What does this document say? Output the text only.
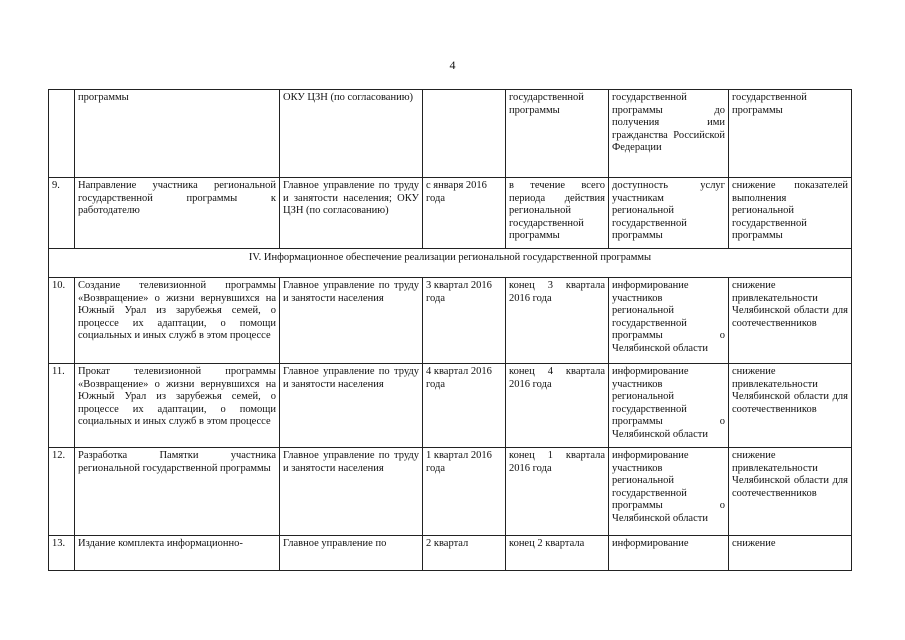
4
	программы	ОКУ ЦЗН (по согласованию)		государственной программы	государственной программы до получения ими гражданства Российской Федерации	государственной программы
9.	Направление участника региональной государственной программы к работодателю	Главное управление по труду и занятости населения; ОКУ ЦЗН (по согласованию)	с января 2016 года	в течение всего периода действия региональной государственной программы	доступность услуг участникам региональной государственной программы	снижение показателей выполнения региональной государственной программы
IV. Информационное обеспечение реализации региональной государственной программы						
10.	Создание телевизионной программы «Возвращение» о жизни вернувшихся на Южный Урал из зарубежья семей, о процессе их адаптации, о помощи социальных и иных служб в этом процессе	Главное управление по труду и занятости населения	3 квартал 2016 года	конец 3 квартала 2016 года	информирование участников региональной государственной программы о Челябинской области	снижение привлекательности Челябинской области для соотечественников
11.	Прокат телевизионной программы «Возвращение» о жизни вернувшихся на Южный Урал из зарубежья семей, о процессе их адаптации, о помощи социальных и иных служб в этом процессе	Главное управление по труду и занятости населения	4 квартал 2016 года	конец 4 квартала 2016 года	информирование участников региональной государственной программы о Челябинской области	снижение привлекательности Челябинской области для соотечественников
12.	Разработка Памятки участника региональной государственной программы	Главное управление по труду и занятости населения	1 квартал 2016 года	конец 1 квартала 2016 года	информирование участников региональной государственной программы о Челябинской области	снижение привлекательности Челябинской области для соотечественников
13.	Издание комплекта информационно-	Главное управление по	2 квартал	конец 2 квартала	информирование	снижение
